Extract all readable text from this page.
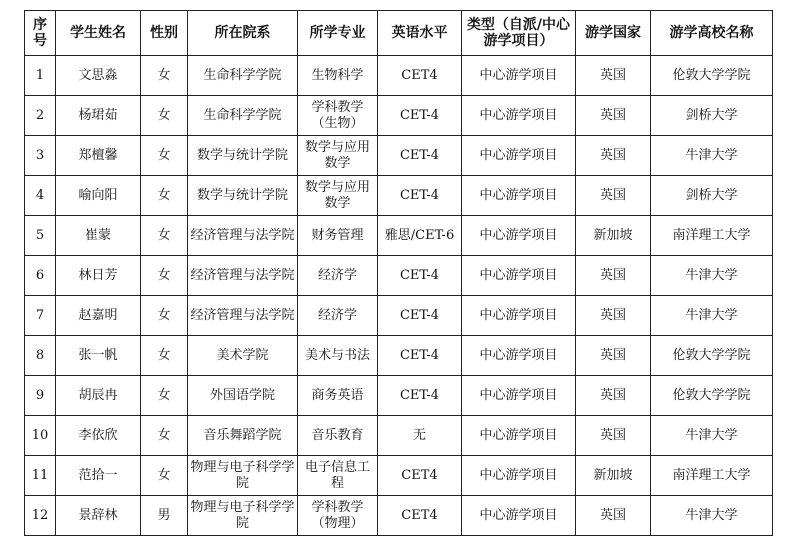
序号	学生姓名	性别	所在院系	所学专业	英语水平	类型（自派/中心游学项目）	游学国家	游学高校名称
1	文思淼	女	生命科学学院	生物科学	CET4	中心游学项目	英国	伦敦大学学院
2	杨珺茹	女	生命科学学院	学科教学（生物）	CET-4	中心游学项目	英国	剑桥大学
3	郑檀馨	女	数学与统计学院	数学与应用数学	CET-4	中心游学项目	英国	牛津大学
4	喻向阳	女	数学与统计学院	数学与应用数学	CET-4	中心游学项目	英国	剑桥大学
5	崔蒙	女	经济管理与法学院	财务管理	雅思/CET-6	中心游学项目	新加坡	南洋理工大学
6	林日芳	女	经济管理与法学院	经济学	CET-4	中心游学项目	英国	牛津大学
7	赵嘉明	女	经济管理与法学院	经济学	CET-4	中心游学项目	英国	牛津大学
8	张一帆	女	美术学院	美术与书法	CET-4	中心游学项目	英国	伦敦大学学院
9	胡辰冉	女	外国语学院	商务英语	CET-4	中心游学项目	英国	伦敦大学学院
10	李依欣	女	音乐舞蹈学院	音乐教育	无	中心游学项目	英国	牛津大学
11	范拾一	女	物理与电子科学学院	电子信息工程	CET4	中心游学项目	新加坡	南洋理工大学
12	景辞林	男	物理与电子科学学院	学科教学（物理）	CET4	中心游学项目	英国	牛津大学
